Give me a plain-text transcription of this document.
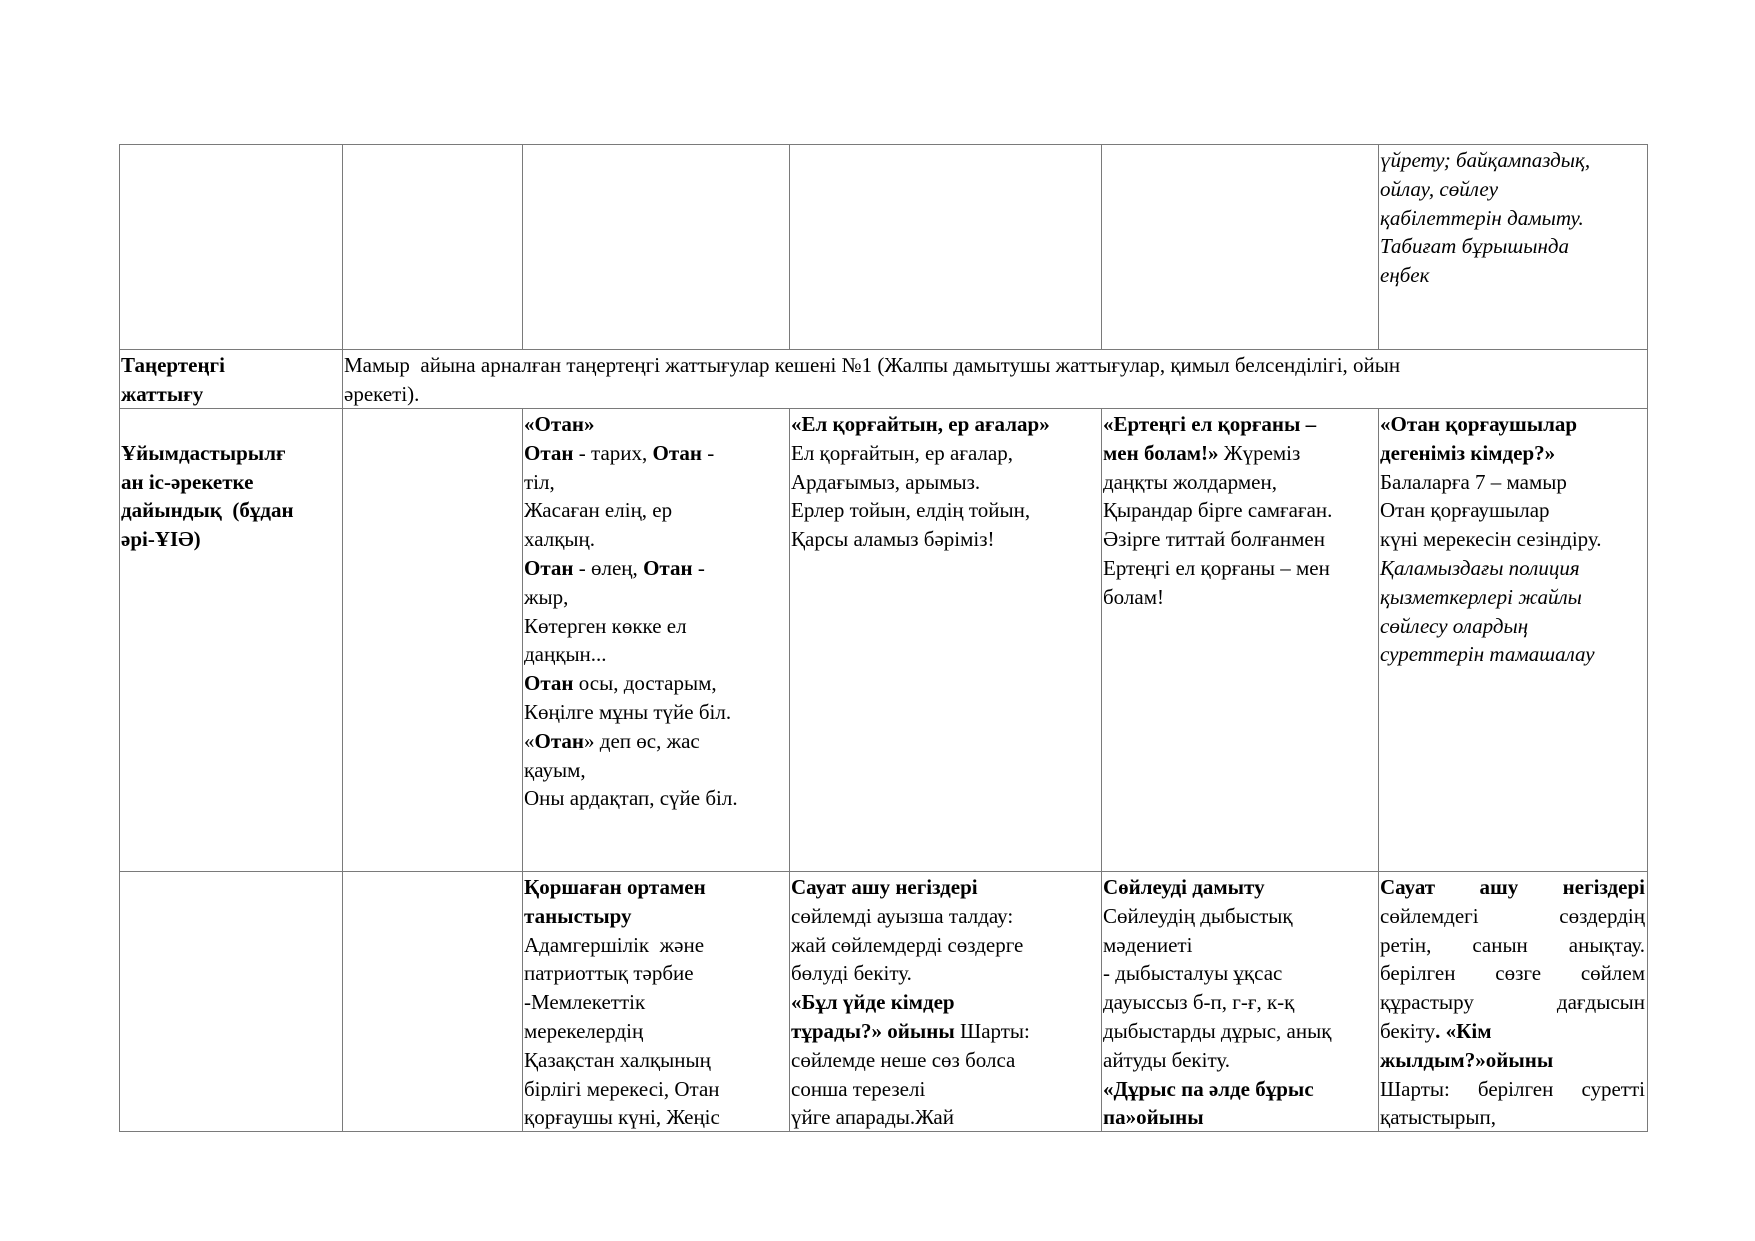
үйрету; байқампаздық,
ойлау, сөйлеу
қабілеттерін дамыту.
Табиғат бұрышында
еңбек
Таңертеңгі
жаттығу
Мамыр  айына арналған таңертеңгі жаттығулар кешені №1 (Жалпы дамытушы жаттығулар, қимыл белсенділігі, ойын
әрекеті).

Ұйымдастырылғ
ан іс-әрекетке
дайындық  (бұдан
әрі-ҰІӘ)
«Отан»
Отан - тарих, Отан -
тіл,
Жасаған елің, ер
халқың.
Отан - өлең, Отан -
жыр,
Көтерген көкке ел
даңқын...
Отан осы, достарым,
Көңілге мұны түйе біл.
«Отан» деп өс, жас
қауым,
Оны ардақтап, сүйе біл.
«Ел қорғайтын, ер ағалар»
Ел қорғайтын, ер ағалар,
Ардағымыз, арымыз.
Ерлер тойын, елдің тойын,
Қарсы аламыз бәріміз!
«Ертеңгі ел қорғаны –
мен болам!» Жүреміз
даңқты жолдармен,
Қырандар бірге самғаған.
Әзірге титтай болғанмен
Ертеңгі ел қорғаны – мен
болам!
«Отан қорғаушылар
дегеніміз кімдер?»
Балаларға 7 – мамыр
Отан қорғаушылар
күні мерекесін сезіндіру.
Қаламыздағы полиция
қызметкерлері жайлы
сөйлесу олардың
суреттерін тамашалау
Қоршаған ортамен
таныстыру
Адамгершілік  және
патриоттық тәрбие
-Мемлекеттік
мерекелердің
Қазақстан халқының
бірлігі мерекесі, Отан
қорғаушы күні, Жеңіс
Сауат ашу негіздері
сөйлемді ауызша талдау:
жай сөйлемдерді сөздерге
бөлуді бекіту.
«Бұл үйде кімдер
тұрады?» ойыны Шарты:
сөйлемде неше сөз болса
сонша терезелі
үйге апарады.Жай
Сөйлеуді дамыту
Сөйлеудің дыбыстық
мәдениеті
- дыбысталуы ұқсас
дауыссыз б-п, г-ғ, к-қ
дыбыстарды дұрыс, анық
айтуды бекіту.
«Дұрыс па әлде бұрыс
па»ойыны
Сауат  ашу  негіздері
сөйлемдегі  сөздердің
ретін,  санын  анықтау.
берілген  сөзге  сөйлем
құрастыру  дағдысын
бекіту. «Кім
жылдым?»ойыны
Шарты: берілген суретті
қатыстырып,
